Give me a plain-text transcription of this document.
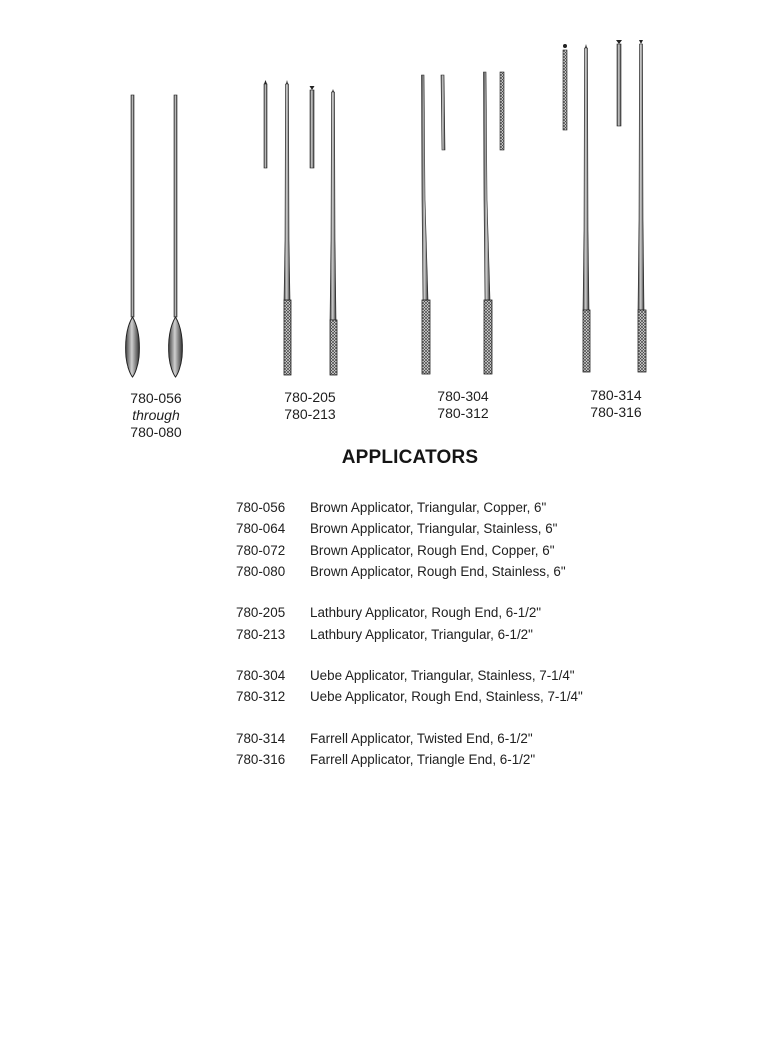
780-056
through
780-080
780-205
780-213
780-304
780-312
780-314
780-316
APPLICATORS
780-056	Brown Applicator, Triangular, Copper, 6"
780-064	Brown Applicator, Triangular, Stainless, 6"
780-072	Brown Applicator, Rough End, Copper, 6"
780-080	Brown Applicator, Rough End, Stainless, 6"
780-205	Lathbury Applicator, Rough End, 6-1/2"
780-213	Lathbury Applicator, Triangular, 6-1/2"
780-304	Uebe Applicator, Triangular, Stainless, 7-1/4"
780-312	Uebe Applicator, Rough End, Stainless, 7-1/4"
780-314	Farrell Applicator, Twisted End, 6-1/2"
780-316	Farrell Applicator, Triangle End, 6-1/2"
